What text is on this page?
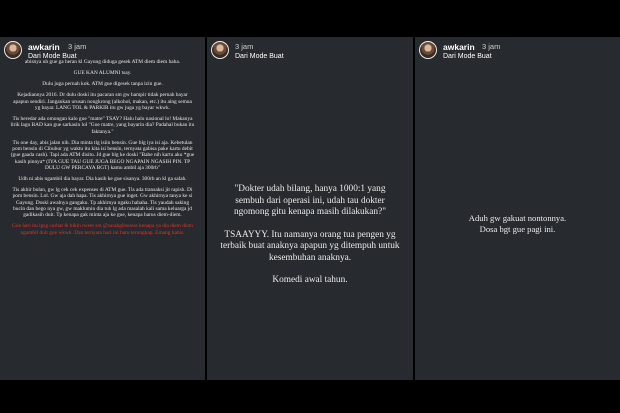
awkarin 3 jam
Dari Mode Buat

abisnya uh gue ga heran kl Gayung diduga gesek ATM diem diem haha.

GUE KAN ALUMNI tsay.

Dulu juga pernah kok. ATM gue digesek tanpa izin gue.

Kejadiannya 2016. Dr dulu doski itu pacaran sm gw hampir tidak pernah bayar apapun sendiri. Jangankan urusan nongkrong (alkohol, makan, etc.) itu aing semua yg bayar. LANG TOL & PARKIR itu gw juga yg bayar wkwk.

Tis heredar ada omongan kalo gue "matre" TSAY? Halu halu nasional lo! Makanya lirik lagu BAD kan gue sarkasin lol "Gue matre, yang bayarin dia? Padahal bukan itu faktanya."

Tis one day, abis jalan nih. Dia minta tlg isiin bensin. Gue blg iya isi aja. Kebetulan pom bensin di Cibubur yg waktu itu kita isi bensin, ternyata gabisa pake kartu debit (gue gaada cash). Tapi ada ATM disitu. Jd gue blg ke doski "Babe nih kartu aku *gue kasih pinnya* (IYA GUE TAU GUE JUGA BEGO NGAPAIN NGASIH PIN. TP DULU GW PERCAYA BGT) kamu ambil aja 300rb"

Udh ni abis ngambil dia bayar. Dia kasih ke gue sisanya. 300rb an kl ga salah.

Tis akhir bulan, gw lg cek cek expenses di ATM gue. Tis ada transaksi jit rapish. Di pom bensin. Lol. Gw aja dah hapa. Tis akhirnya gue inget. Gw akhirnya tanya ke si Gayung. Doski awalnya gangaku. Tp akhirnya ngaku hahaha. Tis yaudah saking bucin dan bego nya gw, gw maklumin dia tuh lg ada masalah kali sama keluarga jd gadikasih duit. Tp kenapa gak minta aja ke gue, kenapa harus diem-diem.

Gue hari itu lgsg curhat & bikin tweet sm @sarahgibsonss kenapa ya dia diem diem ngambil duit gue wkwk. Dan ternyata hari ini baru terungkap. Emang habis.

3 jam
Dari Mode Buat

"Dokter udah bilang, hanya 1000:1 yang sembuh dari operasi ini, udah tau dokter ngomong gitu kenapa masih dilakukan?"

TSAAYYY. Itu namanya orang tua pengen yg terbaik buat anaknya apapun yg ditempuh untuk kesembuhan anaknya.

Komedi awal tahun.

awkarin 3 jam
Dari Mode Buat
Aduh gw gakuat nontonnya.
Dosa bgt gue pagi ini.
